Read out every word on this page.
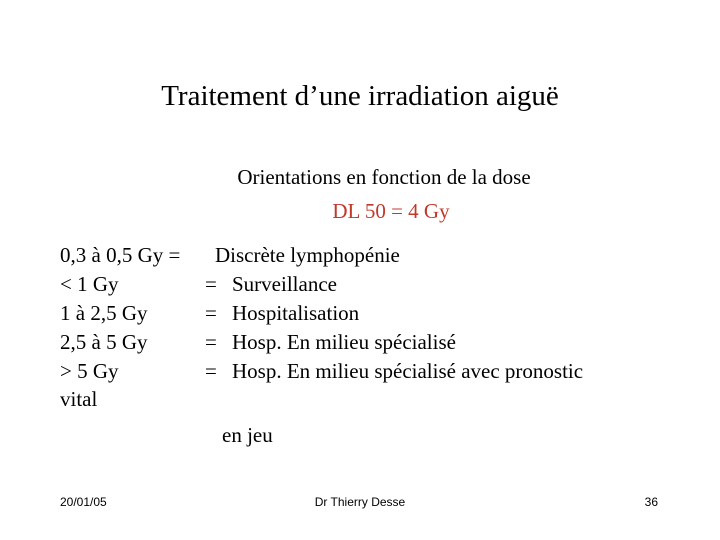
Traitement d’une irradiation aiguë
Orientations en fonction de la dose
DL 50 = 4 Gy
0,3 à 0,5 Gy = Discrète lymphopénie
< 1 Gy	= Surveillance
1 à 2,5 Gy	= Hospitalisation
2,5 à 5 Gy	= Hosp. En milieu spécialisé
> 5 Gy	= Hosp. En milieu spécialisé avec pronostic
vital
en jeu
20/01/05	Dr Thierry Desse	36
